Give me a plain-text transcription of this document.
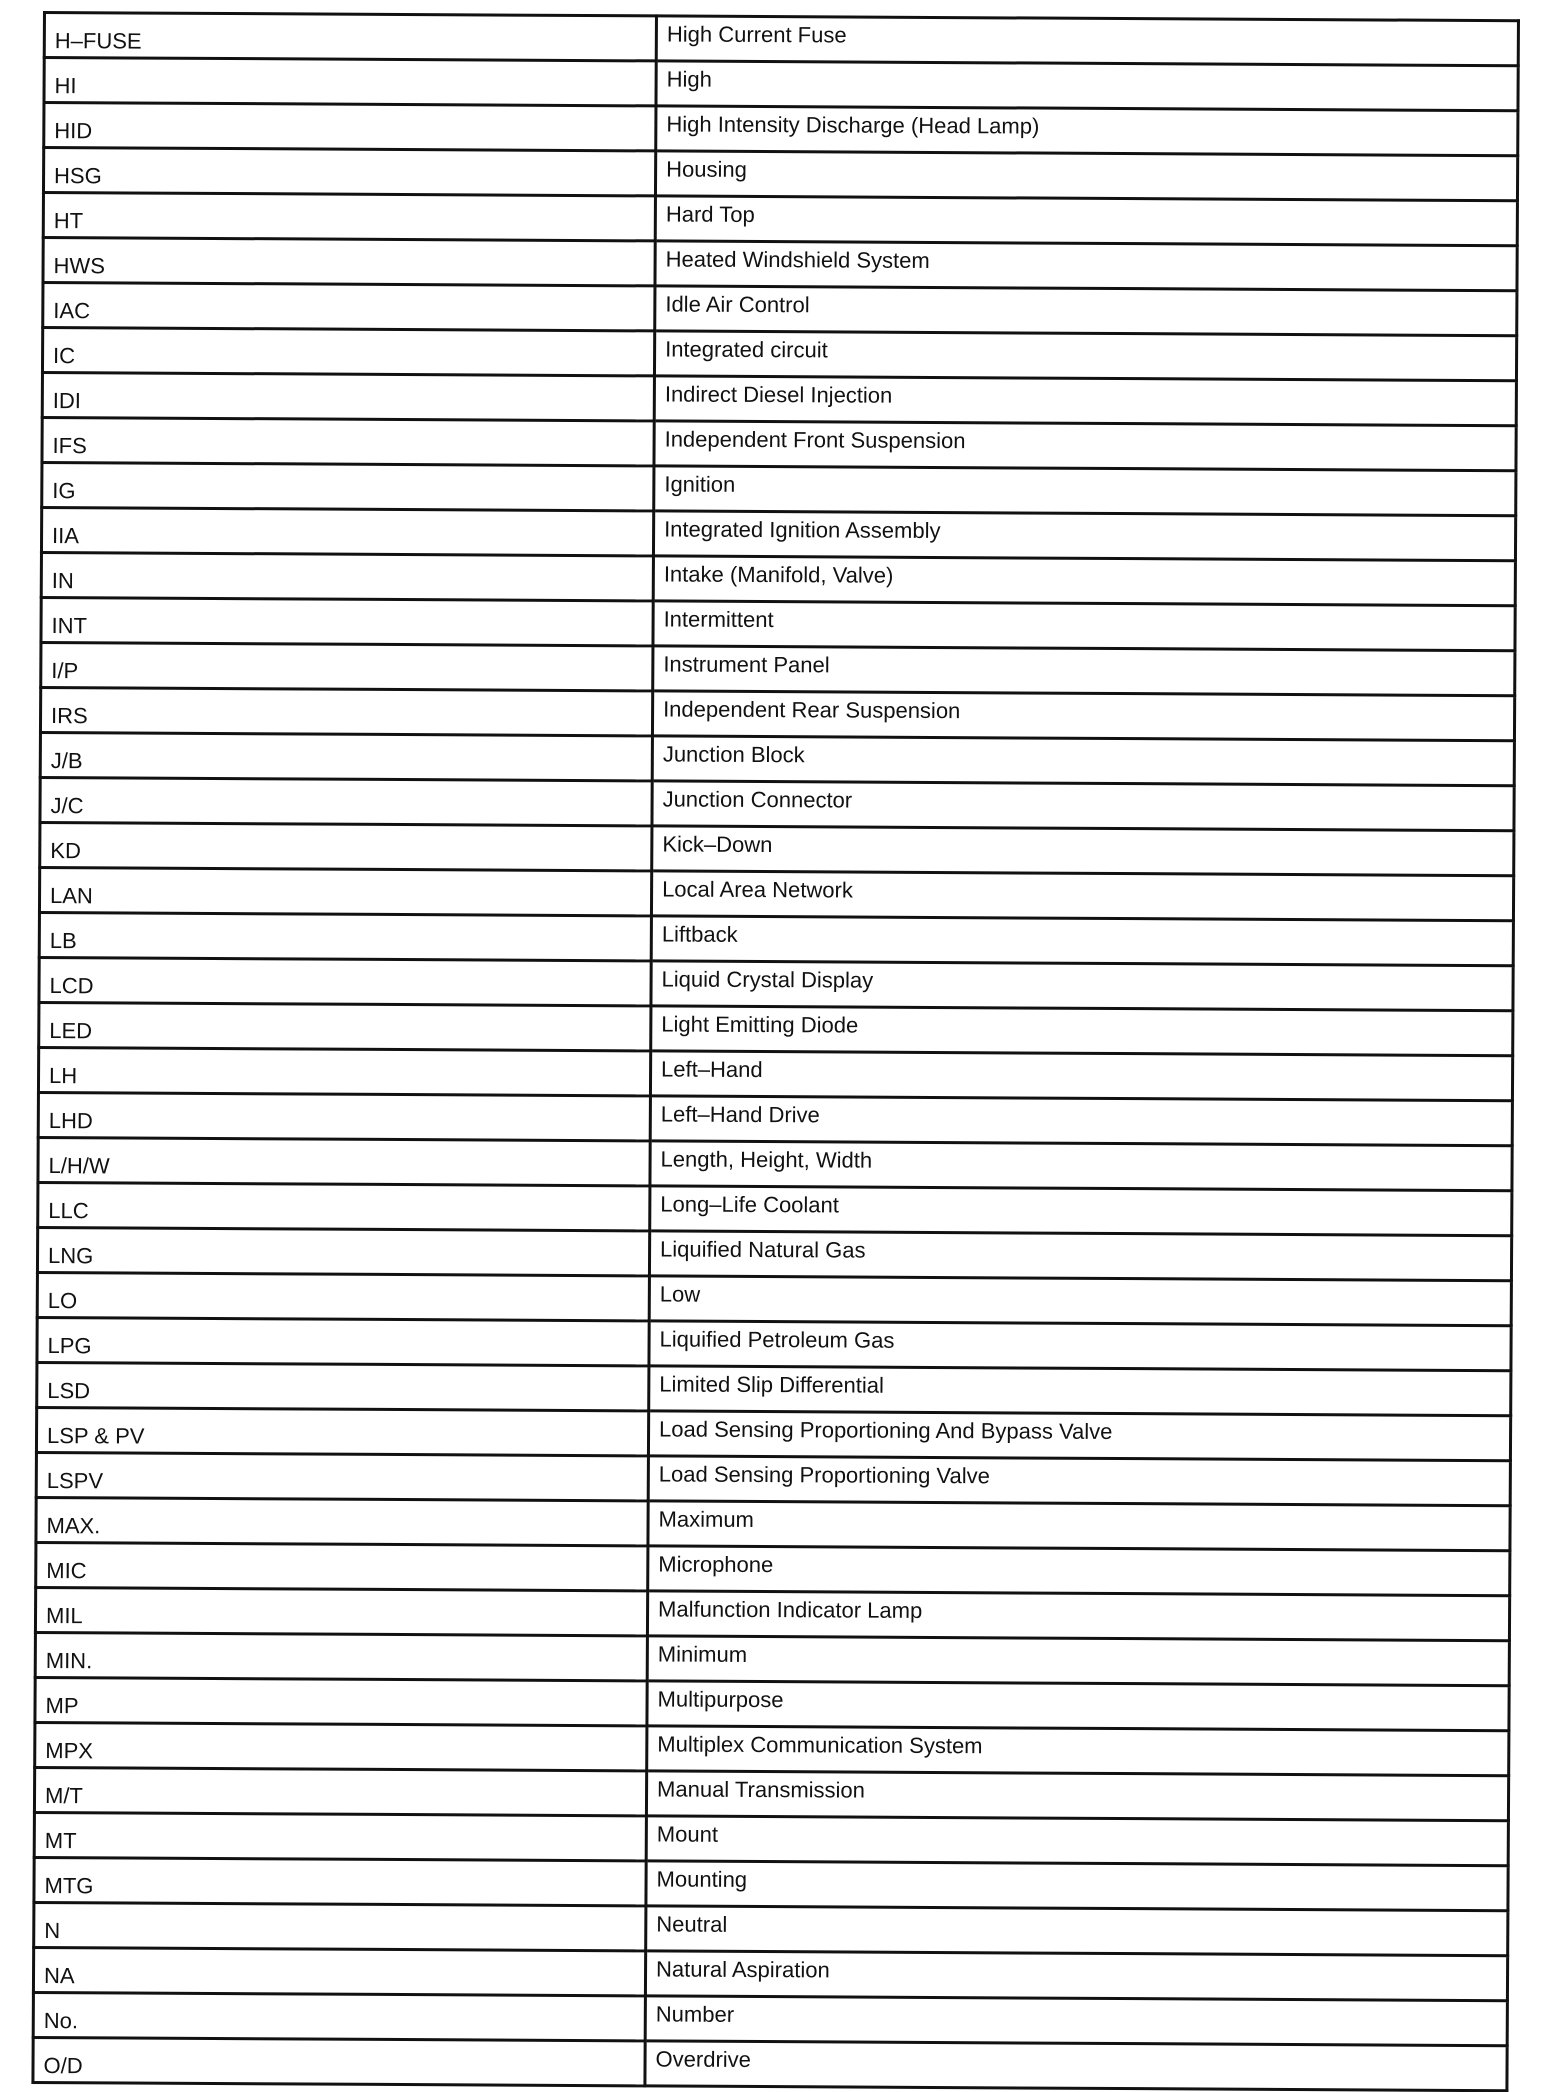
H–FUSE	High Current Fuse
HI	High
HID	High Intensity Discharge (Head Lamp)
HSG	Housing
HT	Hard Top
HWS	Heated Windshield System
IAC	Idle Air Control
IC	Integrated circuit
IDI	Indirect Diesel Injection
IFS	Independent Front Suspension
IG	Ignition
IIA	Integrated Ignition Assembly
IN	Intake (Manifold, Valve)
INT	Intermittent
I/P	Instrument Panel
IRS	Independent Rear Suspension
J/B	Junction Block
J/C	Junction Connector
KD	Kick–Down
LAN	Local Area Network
LB	Liftback
LCD	Liquid Crystal Display
LED	Light Emitting Diode
LH	Left–Hand
LHD	Left–Hand Drive
L/H/W	Length, Height, Width
LLC	Long–Life Coolant
LNG	Liquified Natural Gas
LO	Low
LPG	Liquified Petroleum Gas
LSD	Limited Slip Differential
LSP & PV	Load Sensing Proportioning And Bypass Valve
LSPV	Load Sensing Proportioning Valve
MAX.	Maximum
MIC	Microphone
MIL	Malfunction Indicator Lamp
MIN.	Minimum
MP	Multipurpose
MPX	Multiplex Communication System
M/T	Manual Transmission
MT	Mount
MTG	Mounting
N	Neutral
NA	Natural Aspiration
No.	Number
O/D	Overdrive
